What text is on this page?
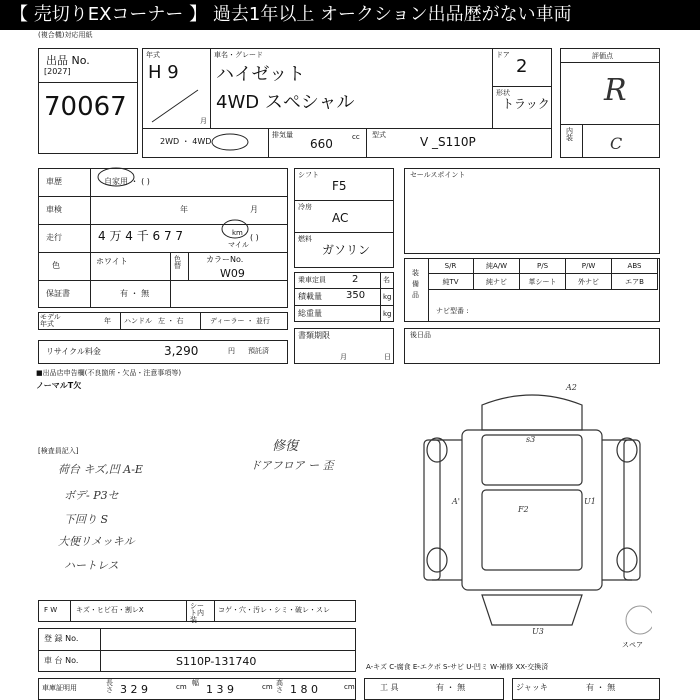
【 売切りEXコーナー 】 過去1年以上 オークション出品歴がない車両
(複合機)対応用紙
出品 No.
[2027]
70067
年式
H 9
月
車名・グレード
ハイゼット
4WD スペシャル
ドア
2
形状
トラック
2WD ・ 4WD
排気量
660	cc 型式	V _S110P
評価点
R
内装 C
車歴	自家用 ・ ( )
車検	年	月
走行	4 万 4 千 6 7 7	km
マイル
( )
色	ホワイト	色替
カラーNo.
W09
保証書	有 ・ 無
モデル年式	年 ハンドル 左 ・ 右	ディーラー ・ 並行
リサイクル料金	3,290	円 預託済
シフト
F5
冷房
AC
燃料
ガソリン
乗車定員	2	名
積載量 350	kg
総重量	kg
書類期限
月	日
セールスポイント
装備品
S/R	純A/W	P/S	P/W	ABS
純TV	純ナビ	革シート	外ナビ	エアB
ナビ型番 :
後日品
■出品店申告欄(不良箇所・欠品・注意事項等)
ノーマルT欠
[検査員記入]
荷台 キズ,凹 A-E
ボデ- P3セ
下回り S
大便リメッキル
ハートレス
修復
ドアフロア ー 歪
A2
s3
A'	U1
F2
U3
スペア
F W	キズ・ヒビ石・割レX	シート内装
コゲ・穴・汚レ・シミ・破レ・スレ
登 録 No.
車 台 No.	S110P-131740	A-キズ C-腐食 E-エクボ S-サビ U-凹ミ W-補修 XX-交換済
車庫証明用
長さ 3 2 9	cm 幅 1 3 9	cm 高さ 1 8 0	cm	工 具	有 ・ 無	ジャッキ	有 ・ 無
